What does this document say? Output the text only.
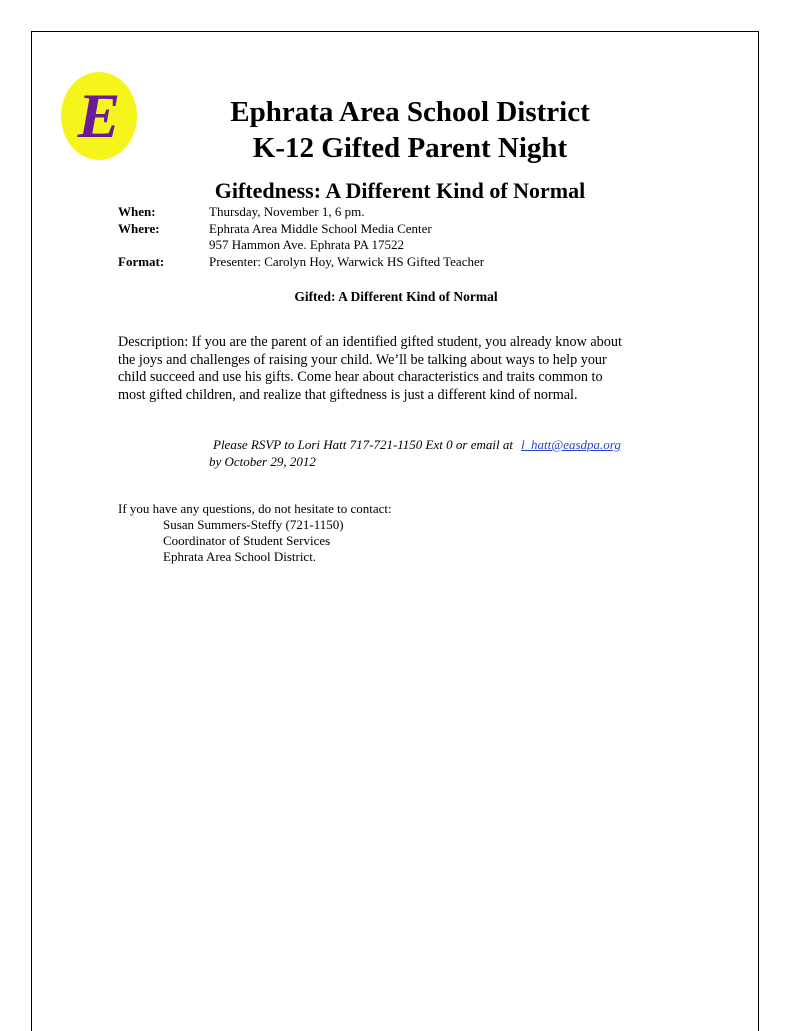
E	Ephrata Area School District
K-12 Gifted Parent Night
Giftedness: A Different Kind of Normal
When:	Thursday, November 1, 6 pm.
Where:	Ephrata Area Middle School Media Center
957 Hammon Ave. Ephrata PA 17522
Format:	Presenter: Carolyn Hoy, Warwick HS Gifted Teacher
Gifted: A Different Kind of Normal
Description: If you are the parent of an identified gifted student, you already know about
the joys and challenges of raising your child. We’ll be talking about ways to help your
child succeed and use his gifts. Come hear about characteristics and traits common to
most gifted children, and realize that giftedness is just a different kind of normal.
Please RSVP to Lori Hatt 717-721-1150 Ext 0 or email at l_hatt@easdpa.org
by October 29, 2012
If you have any questions, do not hesitate to contact:
Susan Summers-Steffy (721-1150)
Coordinator of Student Services
Ephrata Area School District.
